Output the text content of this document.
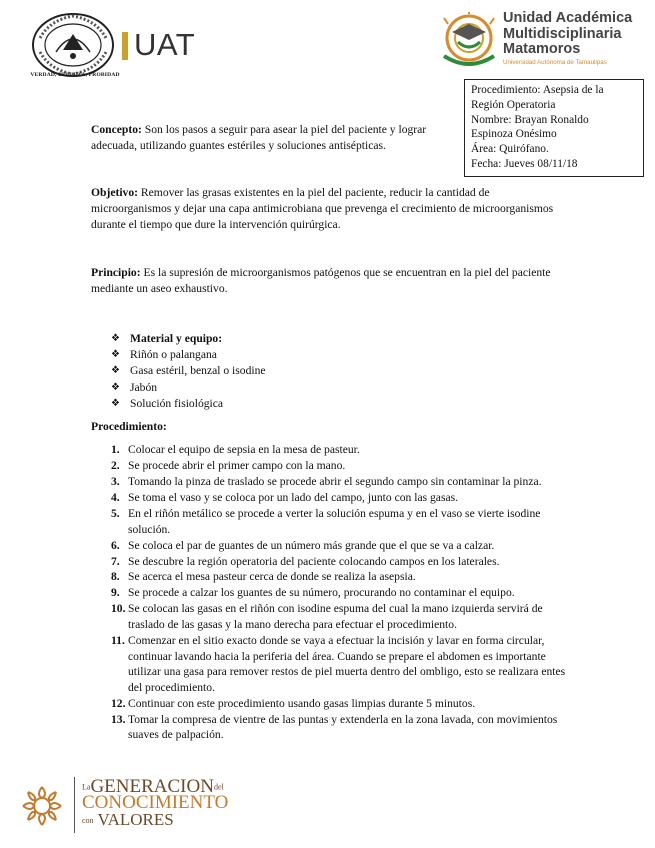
VERDAD, BELLEZA, PROBIDAD
UAT
Unidad Académica
Multidisciplinaria
Matamoros
Universidad Autónoma de Tamaulipas
Procedimiento: Asepsia de la
Región Operatoria
Nombre: Brayan Ronaldo
Espinoza Onésimo
Área: Quirófano.
Fecha: Jueves 08/11/18
Concepto: Son los pasos a seguir para asear la piel del paciente y lograr
adecuada, utilizando guantes estériles y soluciones antisépticas.
Objetivo: Remover las grasas existentes en la piel del paciente, reducir la cantidad de microorganismos y dejar una capa antimicrobiana que prevenga el crecimiento de microorganismos durante el tiempo que dure la intervención quirúrgica.
Principio: Es la supresión de microorganismos patógenos que se encuentran en la piel del paciente mediante un aseo exhaustivo.
❖ Material y equipo:
❖ Riñón o palangana
❖ Gasa estéril, benzal o isodine
❖ Jabón
❖ Solución fisiológica
Procedimiento:
1. Colocar el equipo de sepsia en la mesa de pasteur.
2. Se procede abrir el primer campo con la mano.
3. Tomando la pinza de traslado se procede abrir el segundo campo sin contaminar la pinza.
4. Se toma el vaso y se coloca por un lado del campo, junto con las gasas.
5. En el riñón metálico se procede a verter la solución espuma y en el vaso se vierte isodine solución.
6. Se coloca el par de guantes de un número más grande que el que se va a calzar.
7. Se descubre la región operatoria del paciente colocando campos en los laterales.
8. Se acerca el mesa pasteur cerca de donde se realiza la asepsia.
9. Se procede a calzar los guantes de su número, procurando no contaminar el equipo.
10. Se colocan las gasas en el riñón con isodine espuma del cual la mano izquierda servirá de traslado de las gasas y la mano derecha para efectuar el procedimiento.
11. Comenzar en el sitio exacto donde se vaya a efectuar la incisión y lavar en forma circular, continuar lavando hacia la periferia del área. Cuando se prepare el abdomen es importante utilizar una gasa para remover restos de piel muerta dentro del ombligo, esto se realizara entes del procedimiento.
12. Continuar con este procedimiento usando gasas limpias durante 5 minutos.
13. Tomar la compresa de vientre de las puntas y extenderla en la zona lavada, con movimientos suaves de palpación.
LaGENERACIONdel
CONOCIMIENTO
con VALORES
